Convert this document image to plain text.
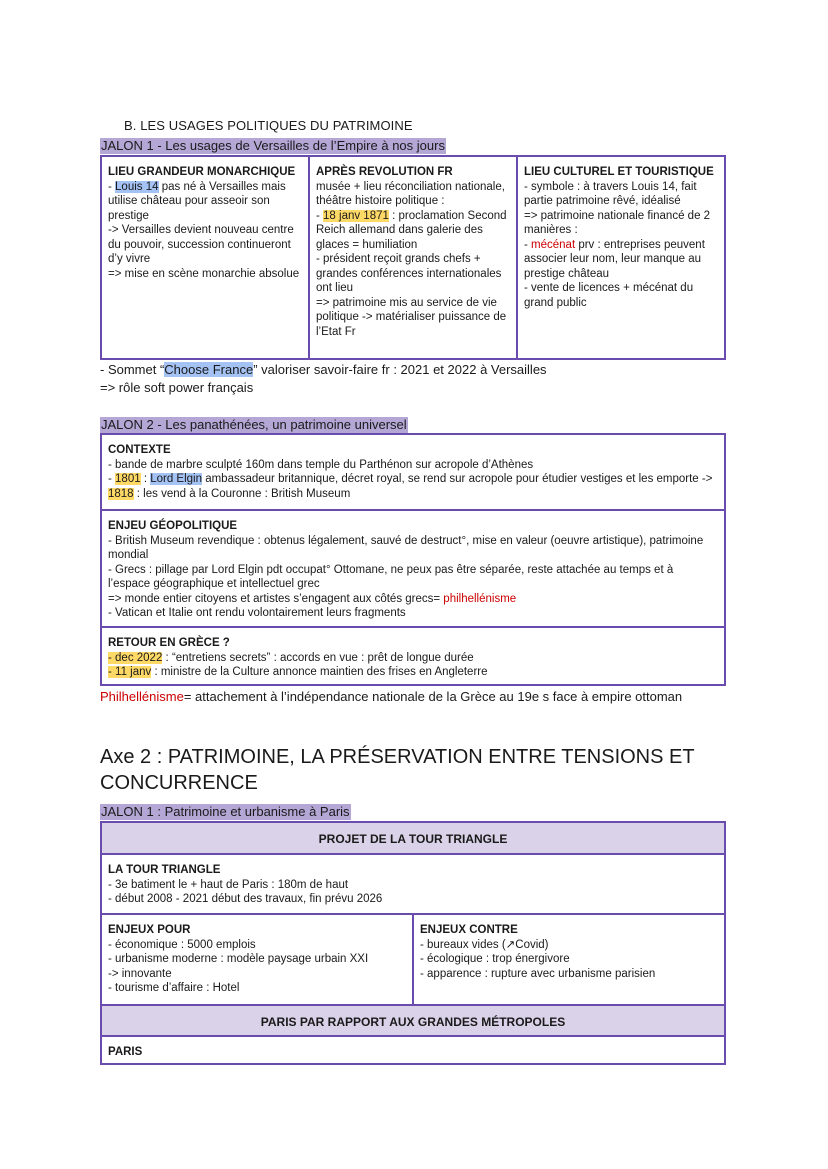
B. LES USAGES POLITIQUES DU PATRIMOINE
JALON 1 - Les usages de Versailles de l’Empire à nos jours
LIEU GRANDEUR MONARCHIQUE
- Louis 14 pas né à Versailles mais utilise château pour asseoir son prestige
-> Versailles devient nouveau centre du pouvoir, succession continueront d’y vivre
=> mise en scène monarchie absolue
APRÈS REVOLUTION FR
musée + lieu réconciliation nationale, théâtre histoire politique :
- 18 janv 1871 : proclamation Second Reich allemand dans galerie des glaces = humiliation
- président reçoit grands chefs + grandes conférences internationales ont lieu
=> patrimoine mis au service de vie politique -> matérialiser puissance de l’Etat Fr
LIEU CULTUREL ET TOURISTIQUE
- symbole : à travers Louis 14, fait partie patrimoine rêvé, idéalisé
=> patrimoine nationale financé de 2 manières :
- mécénat prv : entreprises peuvent associer leur nom, leur manque au prestige château
- vente de licences + mécénat du grand public
- Sommet “Choose France” valoriser savoir-faire fr : 2021 et 2022 à Versailles
=> rôle soft power français
JALON 2 - Les panathénées, un patrimoine universel
CONTEXTE
- bande de marbre sculpté 160m dans temple du Parthénon sur acropole d’Athènes
- 1801 : Lord Elgin ambassadeur britannique, décret royal, se rend sur acropole pour étudier vestiges et les emporte -> 1818 : les vend à la Couronne : British Museum
ENJEU GÉOPOLITIQUE
- British Museum revendique : obtenus légalement, sauvé de destruct°, mise en valeur (oeuvre artistique), patrimoine mondial
- Grecs : pillage par Lord Elgin pdt occupat° Ottomane, ne peux pas être séparée, reste attachée au temps et à l’espace géographique et intellectuel grec
=> monde entier citoyens et artistes s’engagent aux côtés grecs= philhellénisme
- Vatican et Italie ont rendu volontairement leurs fragments
RETOUR EN GRÈCE ?
- dec 2022 : “entretiens secrets” : accords en vue : prêt de longue durée
- 11 janv : ministre de la Culture annonce maintien des frises en Angleterre
Philhellénisme= attachement à l’indépendance nationale de la Grèce au 19e s face à empire ottoman
Axe 2 : PATRIMOINE, LA PRÉSERVATION ENTRE TENSIONS ET CONCURRENCE
JALON 1 : Patrimoine et urbanisme à Paris
PROJET DE LA TOUR TRIANGLE
LA TOUR TRIANGLE
- 3e batiment le + haut de Paris : 180m de haut
- début 2008 - 2021 début des travaux, fin prévu 2026
ENJEUX POUR
- économique : 5000 emplois
- urbanisme moderne : modèle paysage urbain XXI
-> innovante
- tourisme d’affaire : Hotel
ENJEUX CONTRE
- bureaux vides (↗Covid)
- écologique : trop énergivore
- apparence : rupture avec urbanisme parisien
PARIS PAR RAPPORT AUX GRANDES MÉTROPOLES
PARIS
